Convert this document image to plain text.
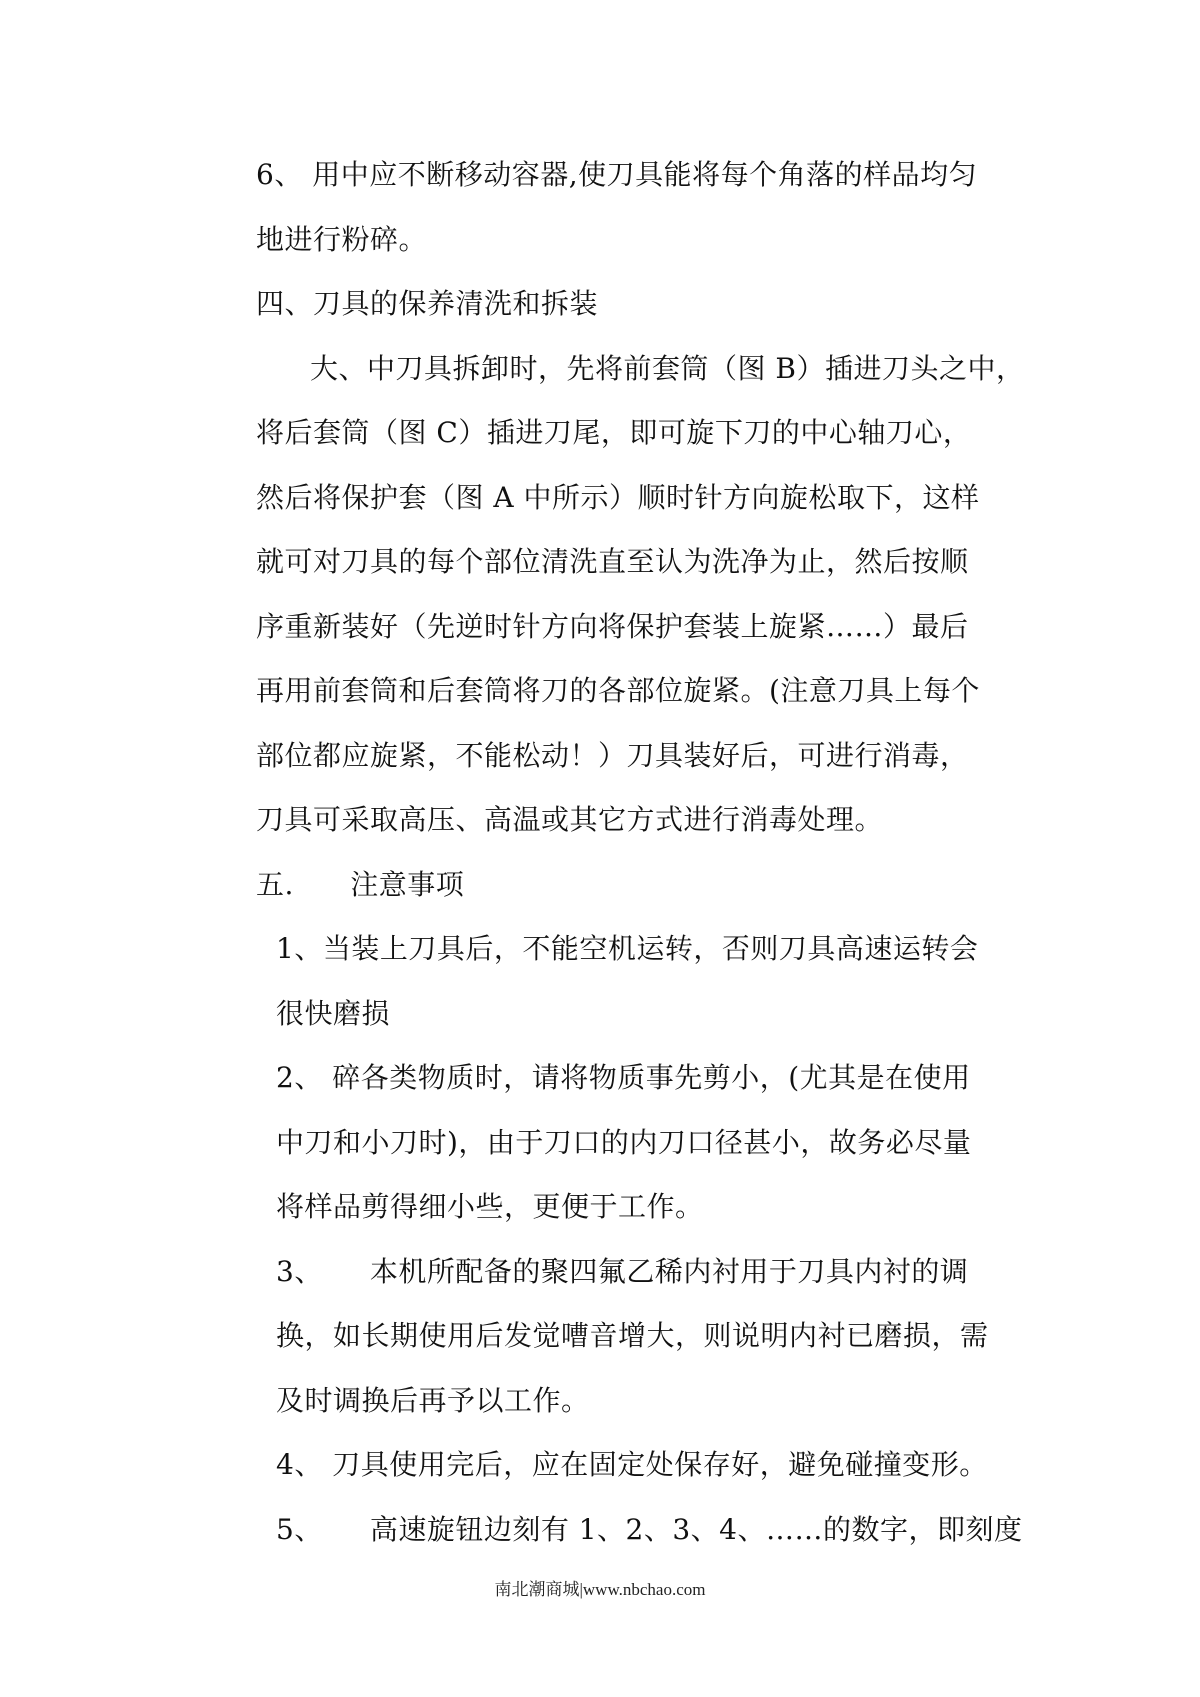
6、 用中应不断移动容器,使刀具能将每个角落的样品均匀
地进行粉碎。
四、刀具的保养清洗和拆装
大、中刀具拆卸时，先将前套筒（图 B）插进刀头之中，
将后套筒（图 C）插进刀尾，即可旋下刀的中心轴刀心，
然后将保护套（图 A 中所示）顺时针方向旋松取下，这样
就可对刀具的每个部位清洗直至认为洗净为止，然后按顺
序重新装好（先逆时针方向将保护套装上旋紧……）最后
再用前套筒和后套筒将刀的各部位旋紧。(注意刀具上每个
部位都应旋紧，不能松动！）刀具装好后，可进行消毒，
刀具可采取高压、高温或其它方式进行消毒处理。
五.      注意事项
1、当装上刀具后，不能空机运转，否则刀具高速运转会
很快磨损
2、 碎各类物质时，请将物质事先剪小，(尤其是在使用
中刀和小刀时)，由于刀口的内刀口径甚小，故务必尽量
将样品剪得细小些，更便于工作。
3、     本机所配备的聚四氟乙稀内衬用于刀具内衬的调
换，如长期使用后发觉嘈音增大，则说明内衬已磨损，需
及时调换后再予以工作。
4、 刀具使用完后，应在固定处保存好，避免碰撞变形。
5、     高速旋钮边刻有 1、2、3、4、……的数字，即刻度
南北潮商城|www.nbchao.com
